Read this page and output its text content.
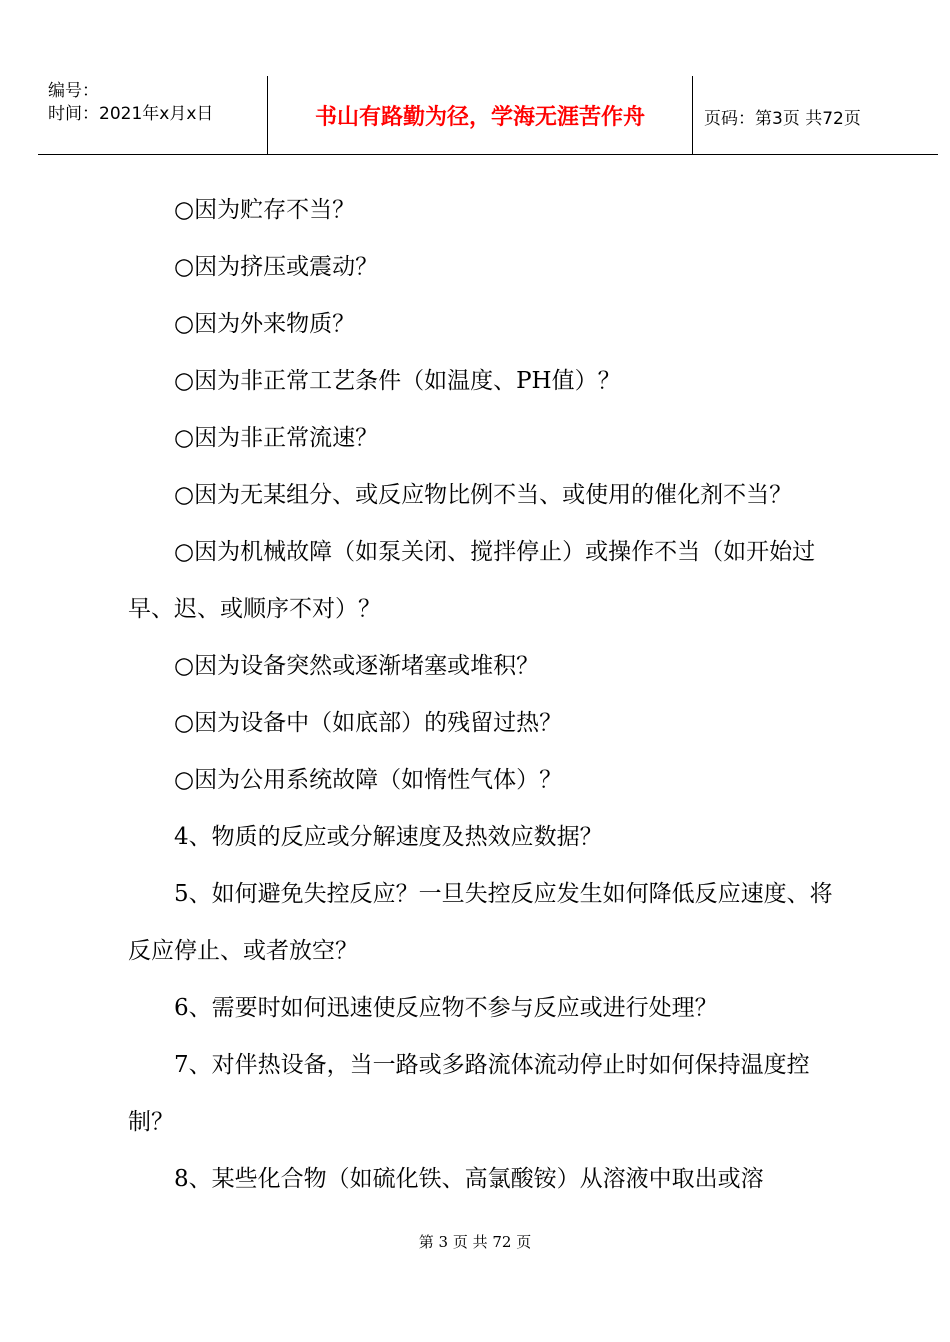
编号：
时间：2021年x月x日	书山有路勤为径，学海无涯苦作舟	页码：第3页 共72页

○因为贮存不当？

○因为挤压或震动？

○因为外来物质？

○因为非正常工艺条件（如温度、PH值）？

○因为非正常流速？

○因为无某组分、或反应物比例不当、或使用的催化剂不当？

○因为机械故障（如泵关闭、搅拌停止）或操作不当（如开始过早、迟、或顺序不对）？

○因为设备突然或逐渐堵塞或堆积？

○因为设备中（如底部）的残留过热？

○因为公用系统故障（如惰性气体）？

4、物质的反应或分解速度及热效应数据？

5、如何避免失控反应？一旦失控反应发生如何降低反应速度、将反应停止、或者放空？

6、需要时如何迅速使反应物不参与反应或进行处理？

7、对伴热设备，当一路或多路流体流动停止时如何保持温度控制？

8、某些化合物（如硫化铁、高氯酸铵）从溶液中取出或溶

第 3 页 共 72 页
